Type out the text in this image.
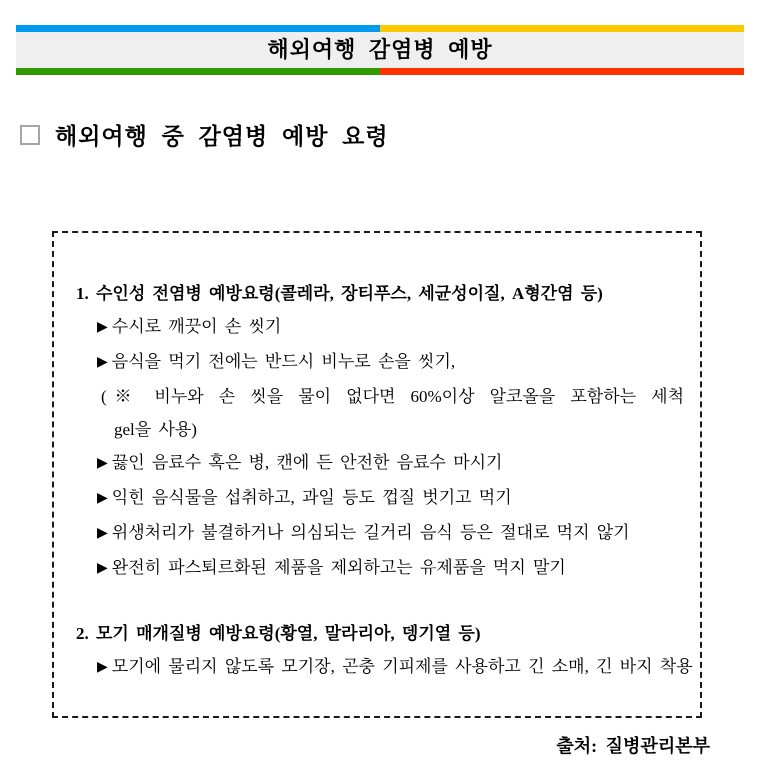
해외여행 감염병 예방
해외여행 중 감염병 예방 요령
1. 수인성 전염병 예방요령(콜레라, 장티푸스, 세균성이질, A형간염 등)
▶ 수시로 깨끗이 손 씻기
▶ 음식을 먹기 전에는 반드시 비누로 손을 씻기,
(※ 비누와 손 씻을 물이 없다면 60%이상 알코올을 포함하는 세척
gel을 사용)
▶ 끓인 음료수 혹은 병, 캔에 든 안전한 음료수 마시기
▶ 익힌 음식물을 섭취하고, 과일 등도 껍질 벗기고 먹기
▶ 위생처리가 불결하거나 의심되는 길거리 음식 등은 절대로 먹지 않기
▶ 완전히 파스퇴르화된 제품을 제외하고는 유제품을 먹지 말기
2. 모기 매개질병 예방요령(황열, 말라리아, 뎅기열 등)
▶ 모기에 물리지 않도록 모기장, 곤충 기피제를 사용하고 긴 소매, 긴 바지 착용
출처: 질병관리본부
